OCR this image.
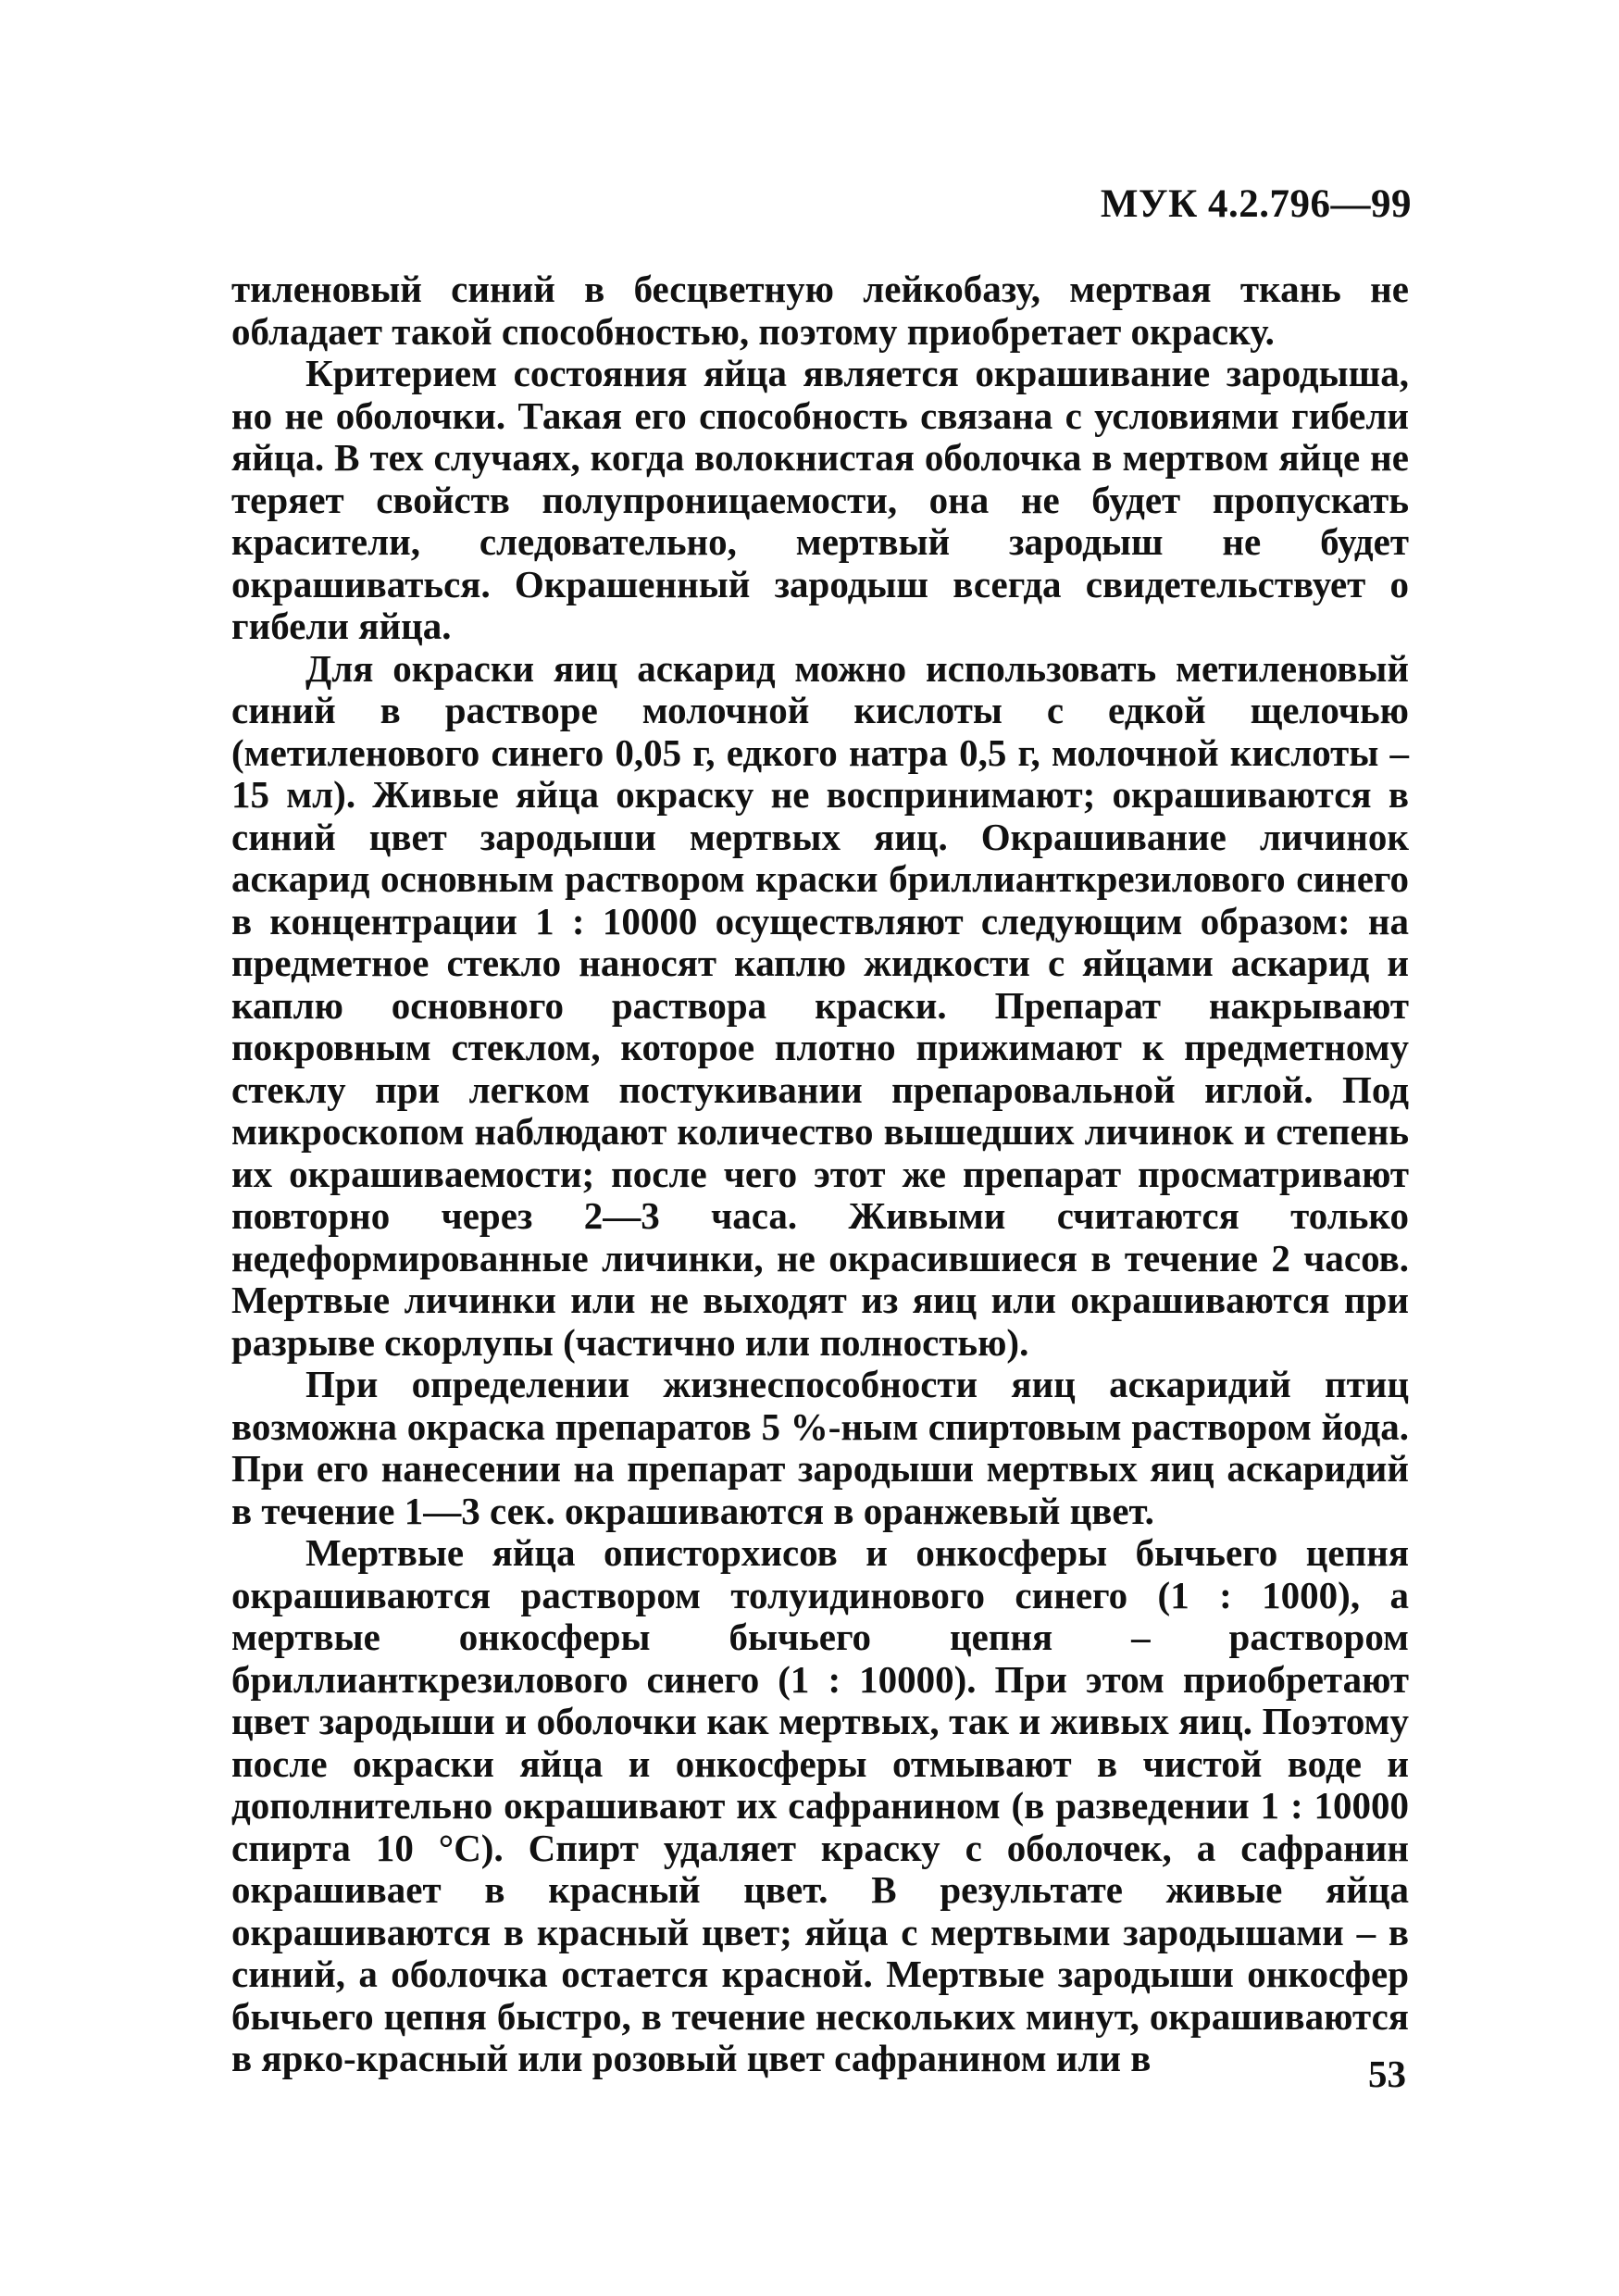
МУК 4.2.796—99

тиленовый синий в бесцветную лейкобазу, мертвая ткань не обладает такой способностью, поэтому приобретает окраску.

Критерием состояния яйца является окрашивание зародыша, но не оболочки. Такая его способность связана с условиями гибели яйца. В тех случаях, когда волокнистая оболочка в мертвом яйце не теряет свойств полупроницаемости, она не будет пропускать красители, следовательно, мертвый зародыш не будет окрашиваться. Окрашенный зародыш всегда свидетельствует о гибели яйца.

Для окраски яиц аскарид можно использовать метиленовый синий в растворе молочной кислоты с едкой щелочью (метиленового синего 0,05 г, едкого натра 0,5 г, молочной кислоты – 15 мл). Живые яйца окраску не воспринимают; окрашиваются в синий цвет зародыши мертвых яиц. Окрашивание личинок аскарид основным раствором краски бриллианткрезилового синего в концентрации 1 : 10000 осуществляют следующим образом: на предметное стекло наносят каплю жидкости с яйцами аскарид и каплю основного раствора краски. Препарат накрывают покровным стеклом, которое плотно прижимают к предметному стеклу при легком постукивании препаровальной иглой. Под микроскопом наблюдают количество вышедших личинок и степень их окрашиваемости; после чего этот же препарат просматривают повторно через 2—3 часа. Живыми считаются только недеформированные личинки, не окрасившиеся в течение 2 часов. Мертвые личинки или не выходят из яиц или окрашиваются при разрыве скорлупы (частично или полностью).

При определении жизнеспособности яиц аскаридий птиц возможна окраска препаратов 5 %-ным спиртовым раствором йода. При его нанесении на препарат зародыши мертвых яиц аскаридий в течение 1—3 сек. окрашиваются в оранжевый цвет.

Мертвые яйца описторхисов и онкосферы бычьего цепня окрашиваются раствором толуидинового синего (1 : 1000), а мертвые онкосферы бычьего цепня – раствором бриллианткрезилового синего (1 : 10000). При этом приобретают цвет зародыши и оболочки как мертвых, так и живых яиц. Поэтому после окраски яйца и онкосферы отмывают в чистой воде и дополнительно окрашивают их сафранином (в разведении 1 : 10000 спирта 10 °С). Спирт удаляет краску с оболочек, а сафранин окрашивает в красный цвет. В результате живые яйца окрашиваются в красный цвет; яйца с мертвыми зародышами – в синий, а оболочка остается красной. Мертвые зародыши онкосфер бычьего цепня быстро, в течение нескольких минут, окрашиваются в ярко-красный или розовый цвет сафранином или в	53
